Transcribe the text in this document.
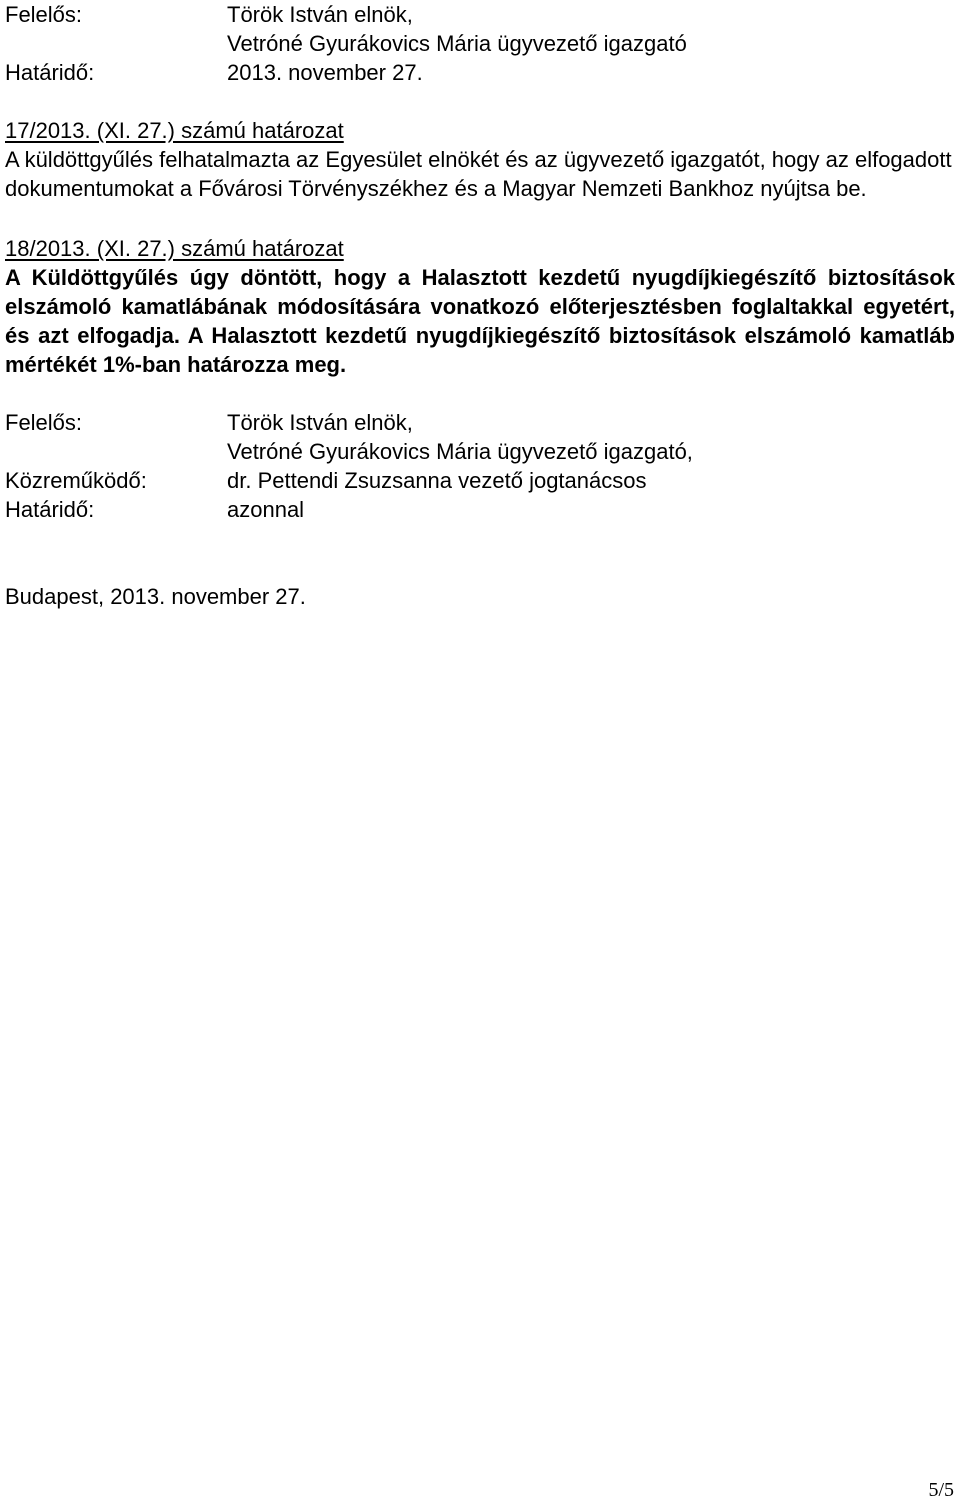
Felelős:	Török István elnök,
Vetróné Gyurákovics Mária ügyvezető igazgató
Határidő:	2013. november 27.
17/2013. (XI. 27.) számú határozat

A küldöttgyűlés felhatalmazta az Egyesület elnökét és az ügyvezető igazgatót, hogy az elfogadott dokumentumokat a Fővárosi Törvényszékhez és a Magyar Nemzeti Bankhoz nyújtsa be.

18/2013. (XI. 27.) számú határozat

A Küldöttgyűlés úgy döntött, hogy a Halasztott kezdetű nyugdíjkiegészítő biztosítások elszámoló kamatlábának módosítására vonatkozó előterjesztésben foglaltakkal egyetért, és azt elfogadja. A Halasztott kezdetű nyugdíjkiegészítő biztosítások elszámoló kamatláb mértékét 1%-ban határozza meg.

Felelős:	Török István elnök,
Vetróné Gyurákovics Mária ügyvezető igazgató,
Közreműködő:	dr. Pettendi Zsuzsanna vezető jogtanácsos
Határidő:	azonnal
Budapest, 2013. november 27.
5/5
